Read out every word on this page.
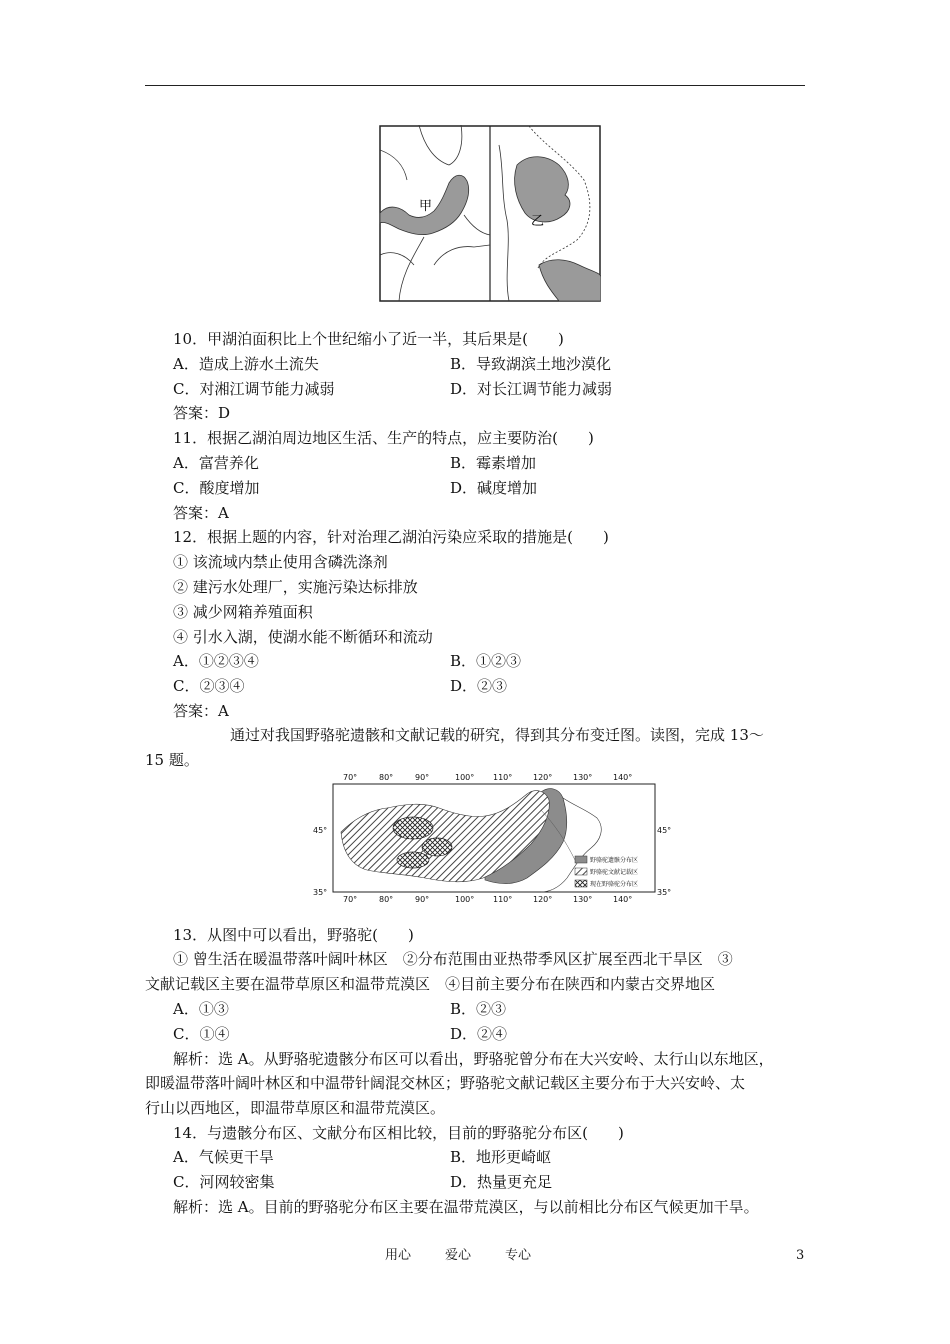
甲
乙
10．甲湖泊面积比上个世纪缩小了近一半，其后果是(　　)
A．造成上游水土流失	B．导致湖滨土地沙漠化
C．对湘江调节能力减弱	D．对长江调节能力减弱
答案：D
11．根据乙湖泊周边地区生活、生产的特点，应主要防治(　　)
A．富营养化	B．霉素增加
C．酸度增加	D．碱度增加
答案：A
12．根据上题的内容，针对治理乙湖泊污染应采取的措施是(　　)
① 该流域内禁止使用含磷洗涤剂
② 建污水处理厂，实施污染达标排放
③ 减少网箱养殖面积
④ 引水入湖，使湖水能不断循环和流动
A．①②③④	B．①②③
C．②③④	D．②③
答案：A
通过对我国野骆驼遗骸和文献记载的研究，得到其分布变迁图。读图，完成 13～
15 题。
70°	80°	90°	100° 110°	120°	130°	140°
70°	80°	90°	100° 110°	120°	130°	140°
45°
35°
45°
35°
野骆驼遗骸分布区
野骆驼文献记载区
现在野骆驼分布区
13．从图中可以看出，野骆驼(　　)
① 曾生活在暖温带落叶阔叶林区　②分布范围由亚热带季风区扩展至西北干旱区　③
文献记载区主要在温带草原区和温带荒漠区　④目前主要分布在陕西和内蒙古交界地区
A．①③	B．②③
C．①④	D．②④
解析：选 A。从野骆驼遗骸分布区可以看出，野骆驼曾分布在大兴安岭、太行山以东地区，
即暖温带落叶阔叶林区和中温带针阔混交林区；野骆驼文献记载区主要分布于大兴安岭、太
行山以西地区，即温带草原区和温带荒漠区。
14．与遗骸分布区、文献分布区相比较，目前的野骆驼分布区(　　)
A．气候更干旱	B．地形更崎岖
C．河网较密集	D．热量更充足
解析：选 A。目前的野骆驼分布区主要在温带荒漠区，与以前相比分布区气候更加干旱。
用心	爱心	专心	3
